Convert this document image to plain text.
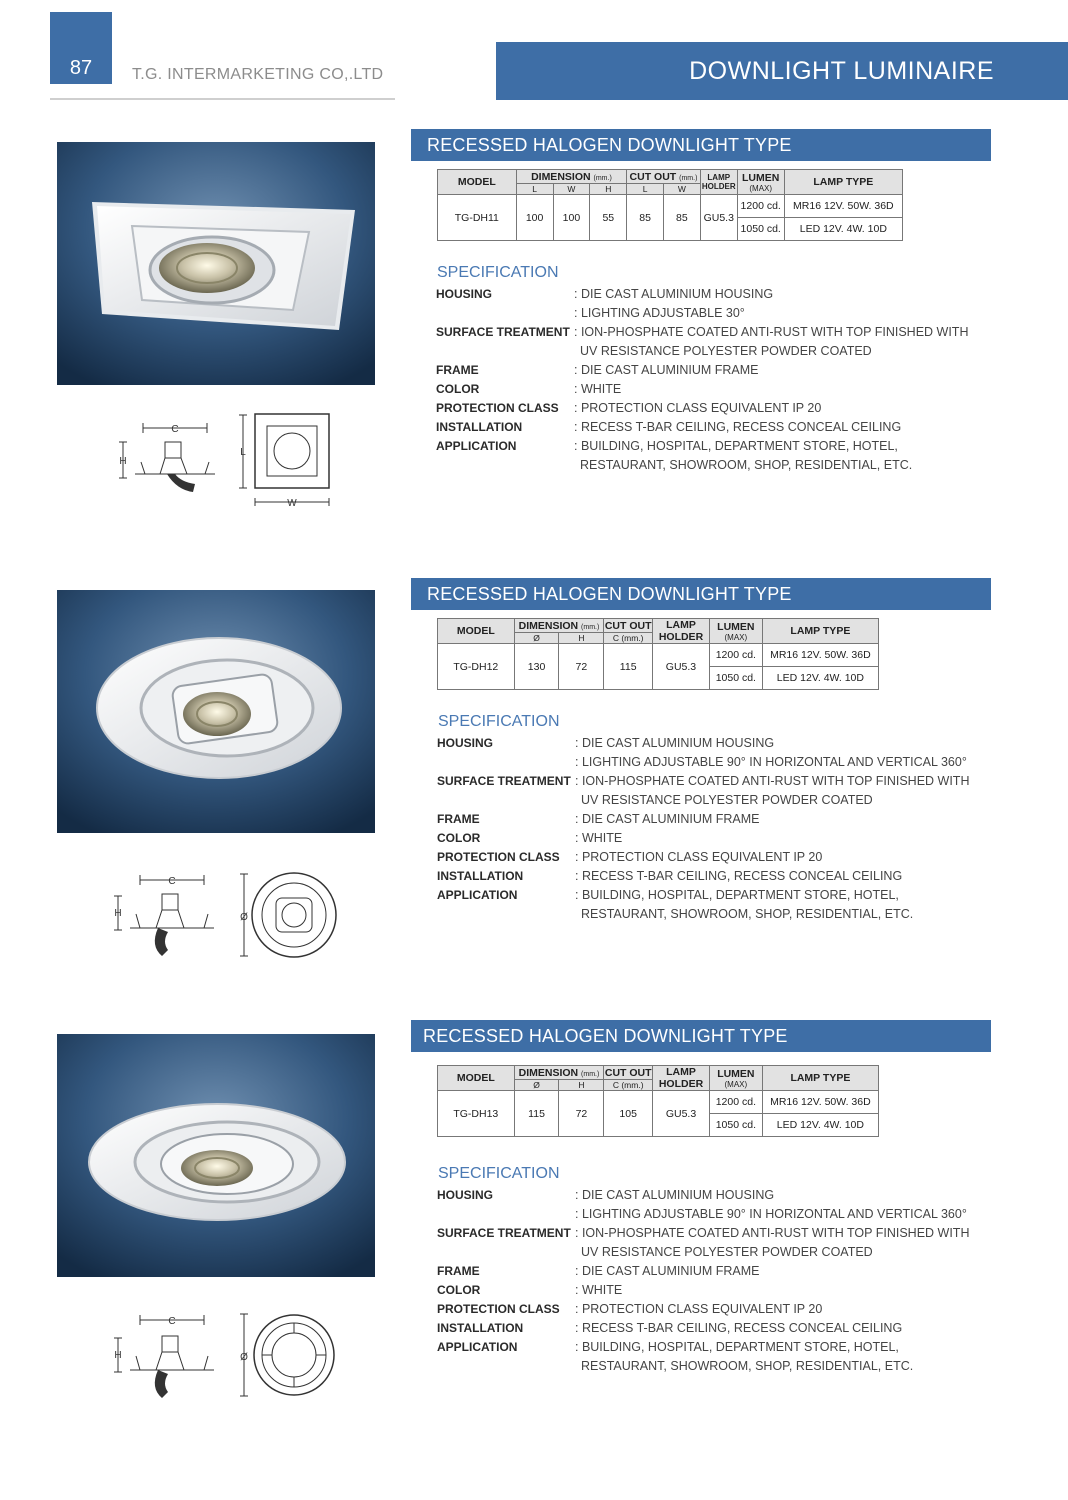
87 T.G. INTERMARKETING CO,.LTD	DOWNLIGHT LUMINAIRE
C
H
L
W
RECESSED HALOGEN DOWNLIGHT TYPE
MODEL	DIMENSION (mm.)			CUT OUT (mm.)		LAMP HOLDER	LUMEN
(MAX)	LAMP TYPE
	L	W	H	L	W			
TG-DH11	100	100	55	85	85	GU5.3	1200 cd.	MR16 12V. 50W. 36D
							1050 cd.	LED 12V. 4W. 10D
SPECIFICATION
HOUSING	: DIE CAST ALUMINIUM HOUSING
: LIGHTING ADJUSTABLE 30°
SURFACE TREATMENT : ION-PHOSPHATE COATED ANTI-RUST WITH TOP FINISHED WITH
UV RESISTANCE POLYESTER POWDER COATED
FRAME	: DIE CAST ALUMINIUM FRAME
COLOR	: WHITE
PROTECTION CLASS	: PROTECTION CLASS EQUIVALENT IP 20
INSTALLATION	: RECESS T-BAR CEILING, RECESS CONCEAL CEILING
APPLICATION	: BUILDING, HOSPITAL, DEPARTMENT STORE, HOTEL,
RESTAURANT, SHOWROOM, SHOP, RESIDENTIAL, ETC.
C
H	Ø
RECESSED HALOGEN DOWNLIGHT TYPE
MODEL	DIMENSION (mm.)		CUT OUT	LAMP HOLDER	LUMEN
(MAX)	LAMP TYPE
	Ø	H	C (mm.)			
TG-DH12	130	72	115	GU5.3	1200 cd.	MR16 12V. 50W. 36D
					1050 cd.	LED 12V. 4W. 10D
SPECIFICATION
HOUSING	: DIE CAST ALUMINIUM HOUSING
: LIGHTING ADJUSTABLE 90° IN HORIZONTAL AND VERTICAL 360°
SURFACE TREATMENT : ION-PHOSPHATE COATED ANTI-RUST WITH TOP FINISHED WITH
UV RESISTANCE POLYESTER POWDER COATED
FRAME	: DIE CAST ALUMINIUM FRAME
COLOR	: WHITE
PROTECTION CLASS	: PROTECTION CLASS EQUIVALENT IP 20
INSTALLATION	: RECESS T-BAR CEILING, RECESS CONCEAL CEILING
APPLICATION	: BUILDING, HOSPITAL, DEPARTMENT STORE, HOTEL,
RESTAURANT, SHOWROOM, SHOP, RESIDENTIAL, ETC.
C
H	Ø
RECESSED HALOGEN DOWNLIGHT TYPE
MODEL	DIMENSION (mm.)		CUT OUT	LAMP HOLDER	LUMEN
(MAX)	LAMP TYPE
	Ø	H	C (mm.)			
TG-DH13	115	72	105	GU5.3	1200 cd.	MR16 12V. 50W. 36D
					1050 cd.	LED 12V. 4W. 10D
SPECIFICATION
HOUSING	: DIE CAST ALUMINIUM HOUSING
: LIGHTING ADJUSTABLE 90° IN HORIZONTAL AND VERTICAL 360°
SURFACE TREATMENT : ION-PHOSPHATE COATED ANTI-RUST WITH TOP FINISHED WITH
UV RESISTANCE POLYESTER POWDER COATED
FRAME	: DIE CAST ALUMINIUM FRAME
COLOR	: WHITE
PROTECTION CLASS	: PROTECTION CLASS EQUIVALENT IP 20
INSTALLATION	: RECESS T-BAR CEILING, RECESS CONCEAL CEILING
APPLICATION	: BUILDING, HOSPITAL, DEPARTMENT STORE, HOTEL,
RESTAURANT, SHOWROOM, SHOP, RESIDENTIAL, ETC.
